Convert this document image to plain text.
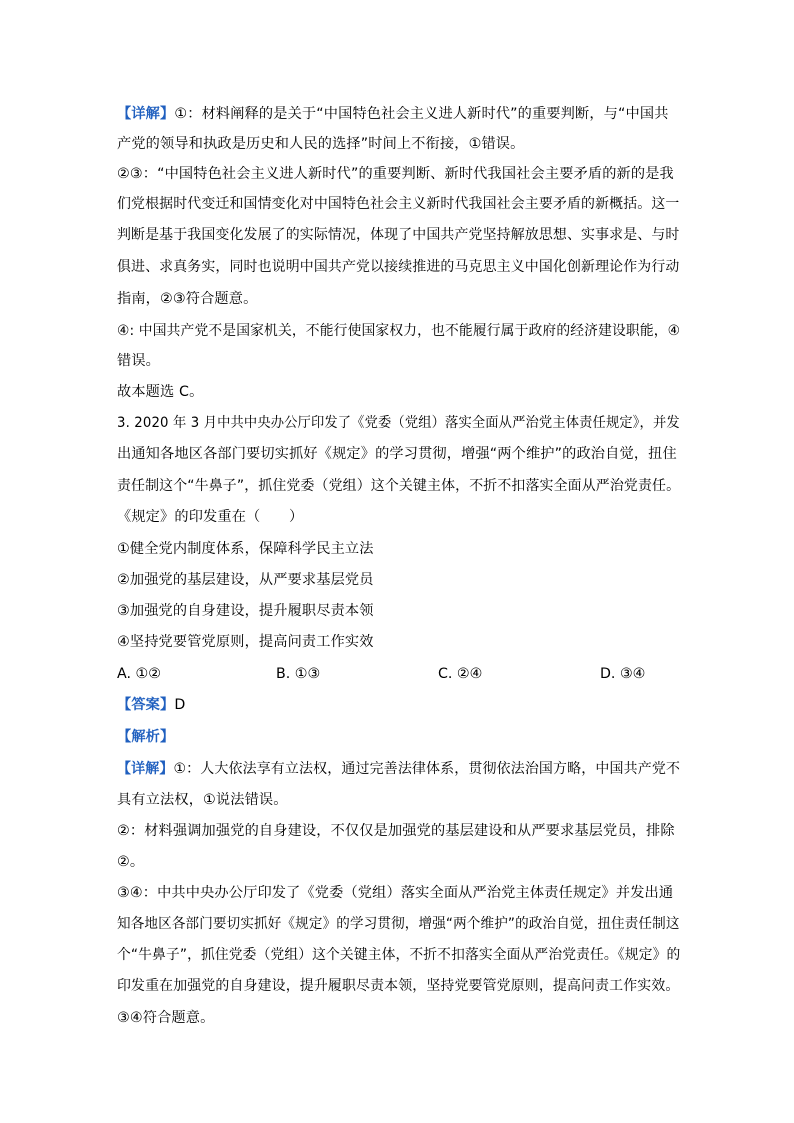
【详解】①：材料阐释的是关于“中国特色社会主义进人新时代”的重要判断，与“中国共
产党的领导和执政是历史和人民的选择”时间上不衔接，①错误。
②③：“中国特色社会主义进人新时代”的重要判断、新时代我国社会主要矛盾的新的是我
们党根据时代变迁和国情变化对中国特色社会主义新时代我国社会主要矛盾的新概括。这一
判断是基于我国变化发展了的实际情况，体现了中国共产党坚持解放思想、实事求是、与时
俱进、求真务实，同时也说明中国共产党以接续推进的马克思主义中国化创新理论作为行动
指南，②③符合题意。
④: 中国共产党不是国家机关，不能行使国家权力，也不能履行属于政府的经济建设职能，④
错误。
故本题选 C。
3. 2020 年 3 月中共中央办公厅印发了《党委（党组）落实全面从严治党主体责任规定》，并发
出通知各地区各部门要切实抓好《规定》的学习贯彻，增强“两个维护”的政治自觉，扭住
责任制这个“牛鼻子”，抓住党委（党组）这个关键主体，不折不扣落实全面从严治党责任。
《规定》的印发重在（　　）
①健全党内制度体系，保障科学民主立法
②加强党的基层建设，从严要求基层党员
③加强党的自身建设，提升履职尽责本领
④坚持党要管党原则，提高问责工作实效
A. ①②	B. ①③	C. ②④	D. ③④
【答案】D
【解析】
【详解】①：人大依法享有立法权，通过完善法律体系，贯彻依法治国方略，中国共产党不
具有立法权，①说法错误。
②：材料强调加强党的自身建设，不仅仅是加强党的基层建设和从严要求基层党员，排除
②。
③④：中共中央办公厅印发了《党委（党组）落实全面从严治党主体责任规定》并发出通
知各地区各部门要切实抓好《规定》的学习贯彻，增强“两个维护”的政治自觉，扭住责任制这
个“牛鼻子”，抓住党委（党组）这个关键主体，不折不扣落实全面从严治党责任。《规定》的
印发重在加强党的自身建设，提升履职尽责本领，坚持党要管党原则，提高问责工作实效。
③④符合题意。
